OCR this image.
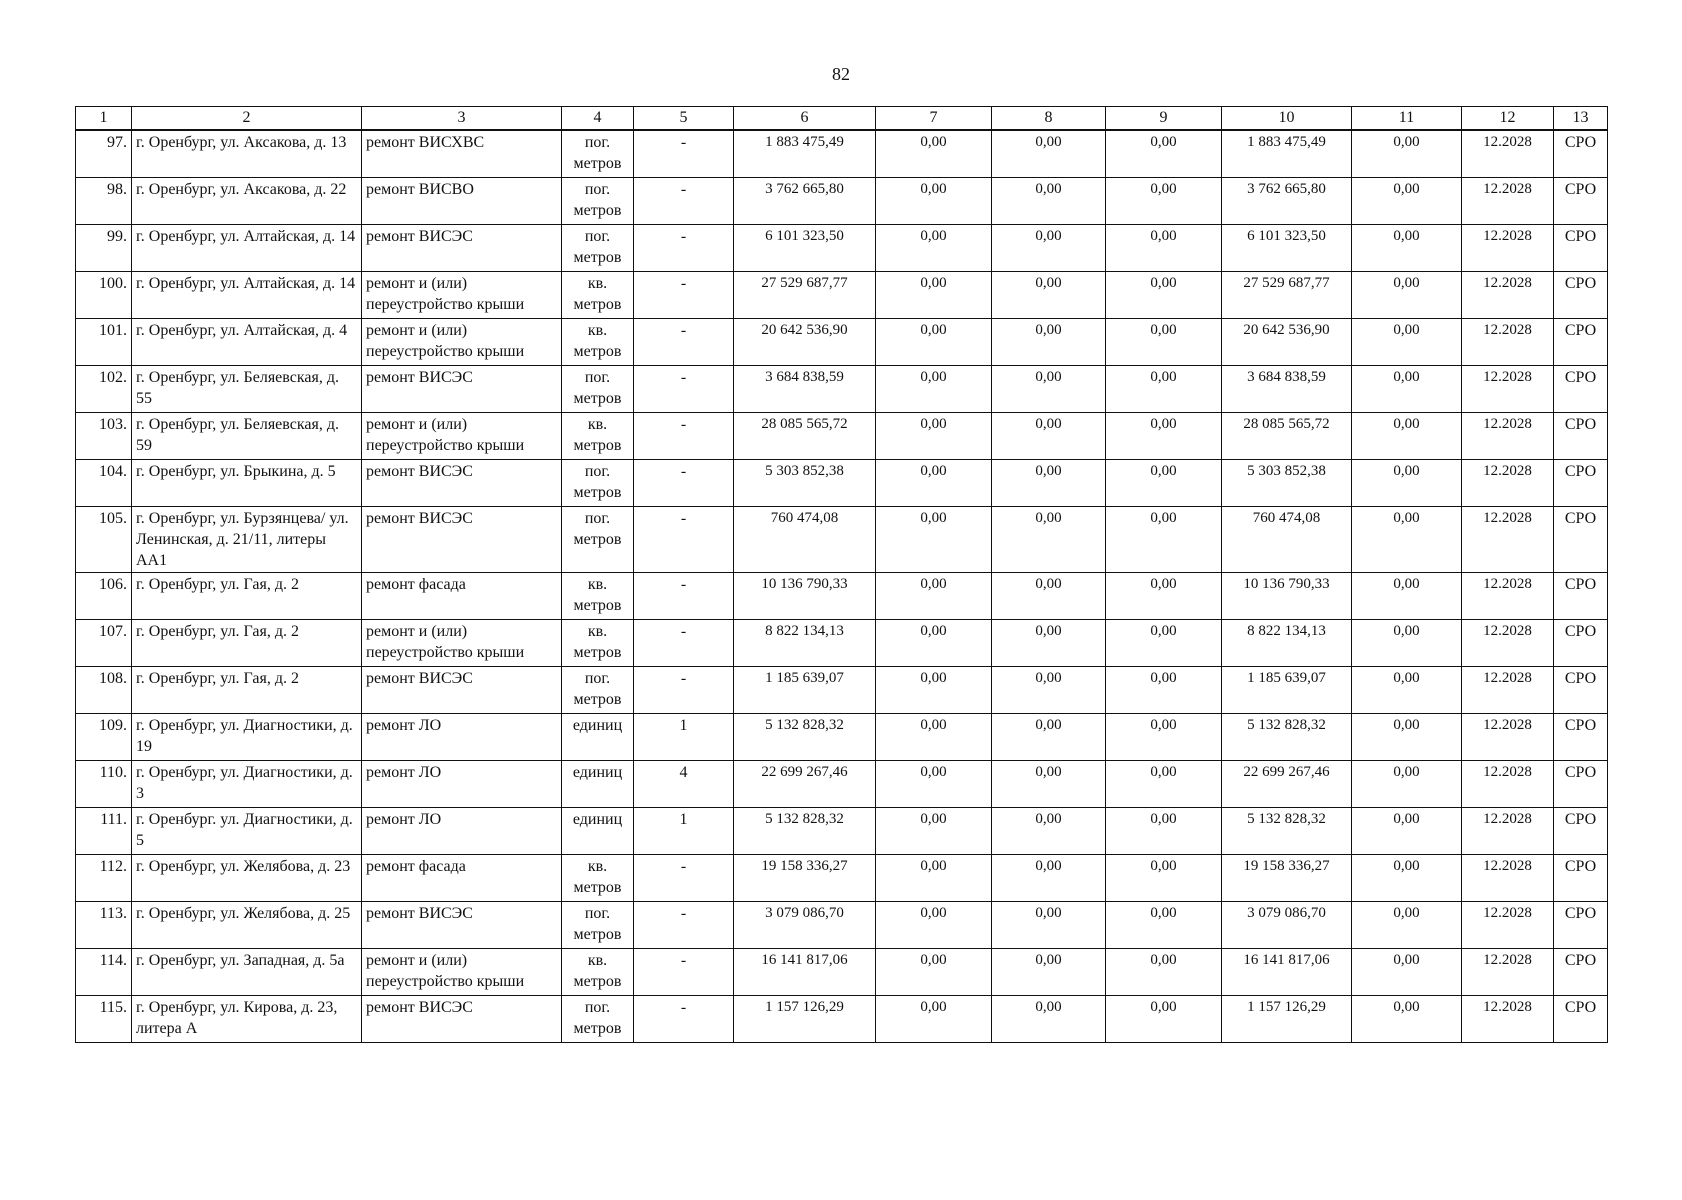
82
1	2	3	4	5	6	7	8	9	10	11	12	13
97.	г. Оренбург, ул. Аксакова, д. 13	ремонт ВИСХВС	пог. метров	-	1 883 475,49	0,00	0,00	0,00	1 883 475,49	0,00	12.2028	СРО
98.	г. Оренбург, ул. Аксакова, д. 22	ремонт ВИСВО	пог. метров	-	3 762 665,80	0,00	0,00	0,00	3 762 665,80	0,00	12.2028	СРО
99.	г. Оренбург, ул. Алтайская, д. 14	ремонт ВИСЭС	пог. метров	-	6 101 323,50	0,00	0,00	0,00	6 101 323,50	0,00	12.2028	СРО
100.	г. Оренбург, ул. Алтайская, д. 14	ремонт и (или) переустройство крыши	кв. метров	-	27 529 687,77	0,00	0,00	0,00	27 529 687,77	0,00	12.2028	СРО
101.	г. Оренбург, ул. Алтайская, д. 4	ремонт и (или) переустройство крыши	кв. метров	-	20 642 536,90	0,00	0,00	0,00	20 642 536,90	0,00	12.2028	СРО
102.	г. Оренбург, ул. Беляевская, д. 55	ремонт ВИСЭС	пог. метров	-	3 684 838,59	0,00	0,00	0,00	3 684 838,59	0,00	12.2028	СРО
103.	г. Оренбург, ул. Беляевская, д. 59	ремонт и (или) переустройство крыши	кв. метров	-	28 085 565,72	0,00	0,00	0,00	28 085 565,72	0,00	12.2028	СРО
104.	г. Оренбург, ул. Брыкина, д. 5	ремонт ВИСЭС	пог. метров	-	5 303 852,38	0,00	0,00	0,00	5 303 852,38	0,00	12.2028	СРО
105.	г. Оренбург, ул. Бурзянцева/ ул. Ленинская, д. 21/11, литеры АА1	ремонт ВИСЭС	пог. метров	-	760 474,08	0,00	0,00	0,00	760 474,08	0,00	12.2028	СРО
106.	г. Оренбург, ул. Гая, д. 2	ремонт фасада	кв. метров	-	10 136 790,33	0,00	0,00	0,00	10 136 790,33	0,00	12.2028	СРО
107.	г. Оренбург, ул. Гая, д. 2	ремонт и (или) переустройство крыши	кв. метров	-	8 822 134,13	0,00	0,00	0,00	8 822 134,13	0,00	12.2028	СРО
108.	г. Оренбург, ул. Гая, д. 2	ремонт ВИСЭС	пог. метров	-	1 185 639,07	0,00	0,00	0,00	1 185 639,07	0,00	12.2028	СРО
109.	г. Оренбург, ул. Диагностики, д. 19	ремонт ЛО	единиц	1	5 132 828,32	0,00	0,00	0,00	5 132 828,32	0,00	12.2028	СРО
110.	г. Оренбург, ул. Диагностики, д. 3	ремонт ЛО	единиц	4	22 699 267,46	0,00	0,00	0,00	22 699 267,46	0,00	12.2028	СРО
111.	г. Оренбург. ул. Диагностики, д. 5	ремонт ЛО	единиц	1	5 132 828,32	0,00	0,00	0,00	5 132 828,32	0,00	12.2028	СРО
112.	г. Оренбург, ул. Желябова, д. 23	ремонт фасада	кв. метров	-	19 158 336,27	0,00	0,00	0,00	19 158 336,27	0,00	12.2028	СРО
113.	г. Оренбург, ул. Желябова, д. 25	ремонт ВИСЭС	пог. метров	-	3 079 086,70	0,00	0,00	0,00	3 079 086,70	0,00	12.2028	СРО
114.	г. Оренбург, ул. Западная, д. 5а	ремонт и (или) переустройство крыши	кв. метров	-	16 141 817,06	0,00	0,00	0,00	16 141 817,06	0,00	12.2028	СРО
115.	г. Оренбург, ул. Кирова, д. 23, литера А	ремонт ВИСЭС	пог. метров	-	1 157 126,29	0,00	0,00	0,00	1 157 126,29	0,00	12.2028	СРО
